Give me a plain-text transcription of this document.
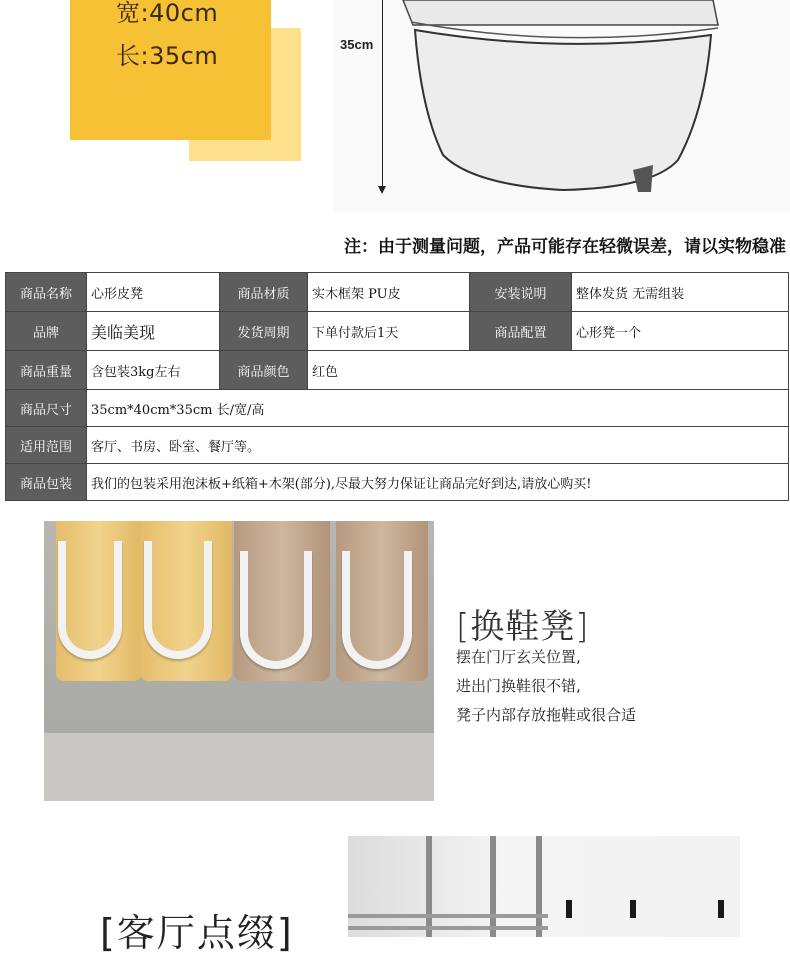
宽:40cm
长:35cm	35cm
注：由于测量问题，产品可能存在轻微误差，请以实物稳准
商品名称	心形皮凳	商品材质	实木框架 PU皮	安装说明	整体发货 无需组装
品牌	美临美现	发货周期	下单付款后1天	商品配置	心形凳一个
商品重量	含包装3kg左右	商品颜色	红色		
商品尺寸	35cm*40cm*35cm 长/宽/高				
适用范围	客厅、书房、卧室、餐厅等。				
商品包装	我们的包装采用泡沫板+纸箱+木架(部分),尽最大努力保证让商品完好到达,请放心购买!				
[换鞋凳]
摆在门厅玄关位置,
进出门换鞋很不错,
凳子内部存放拖鞋或很合适
[客厅点缀]
